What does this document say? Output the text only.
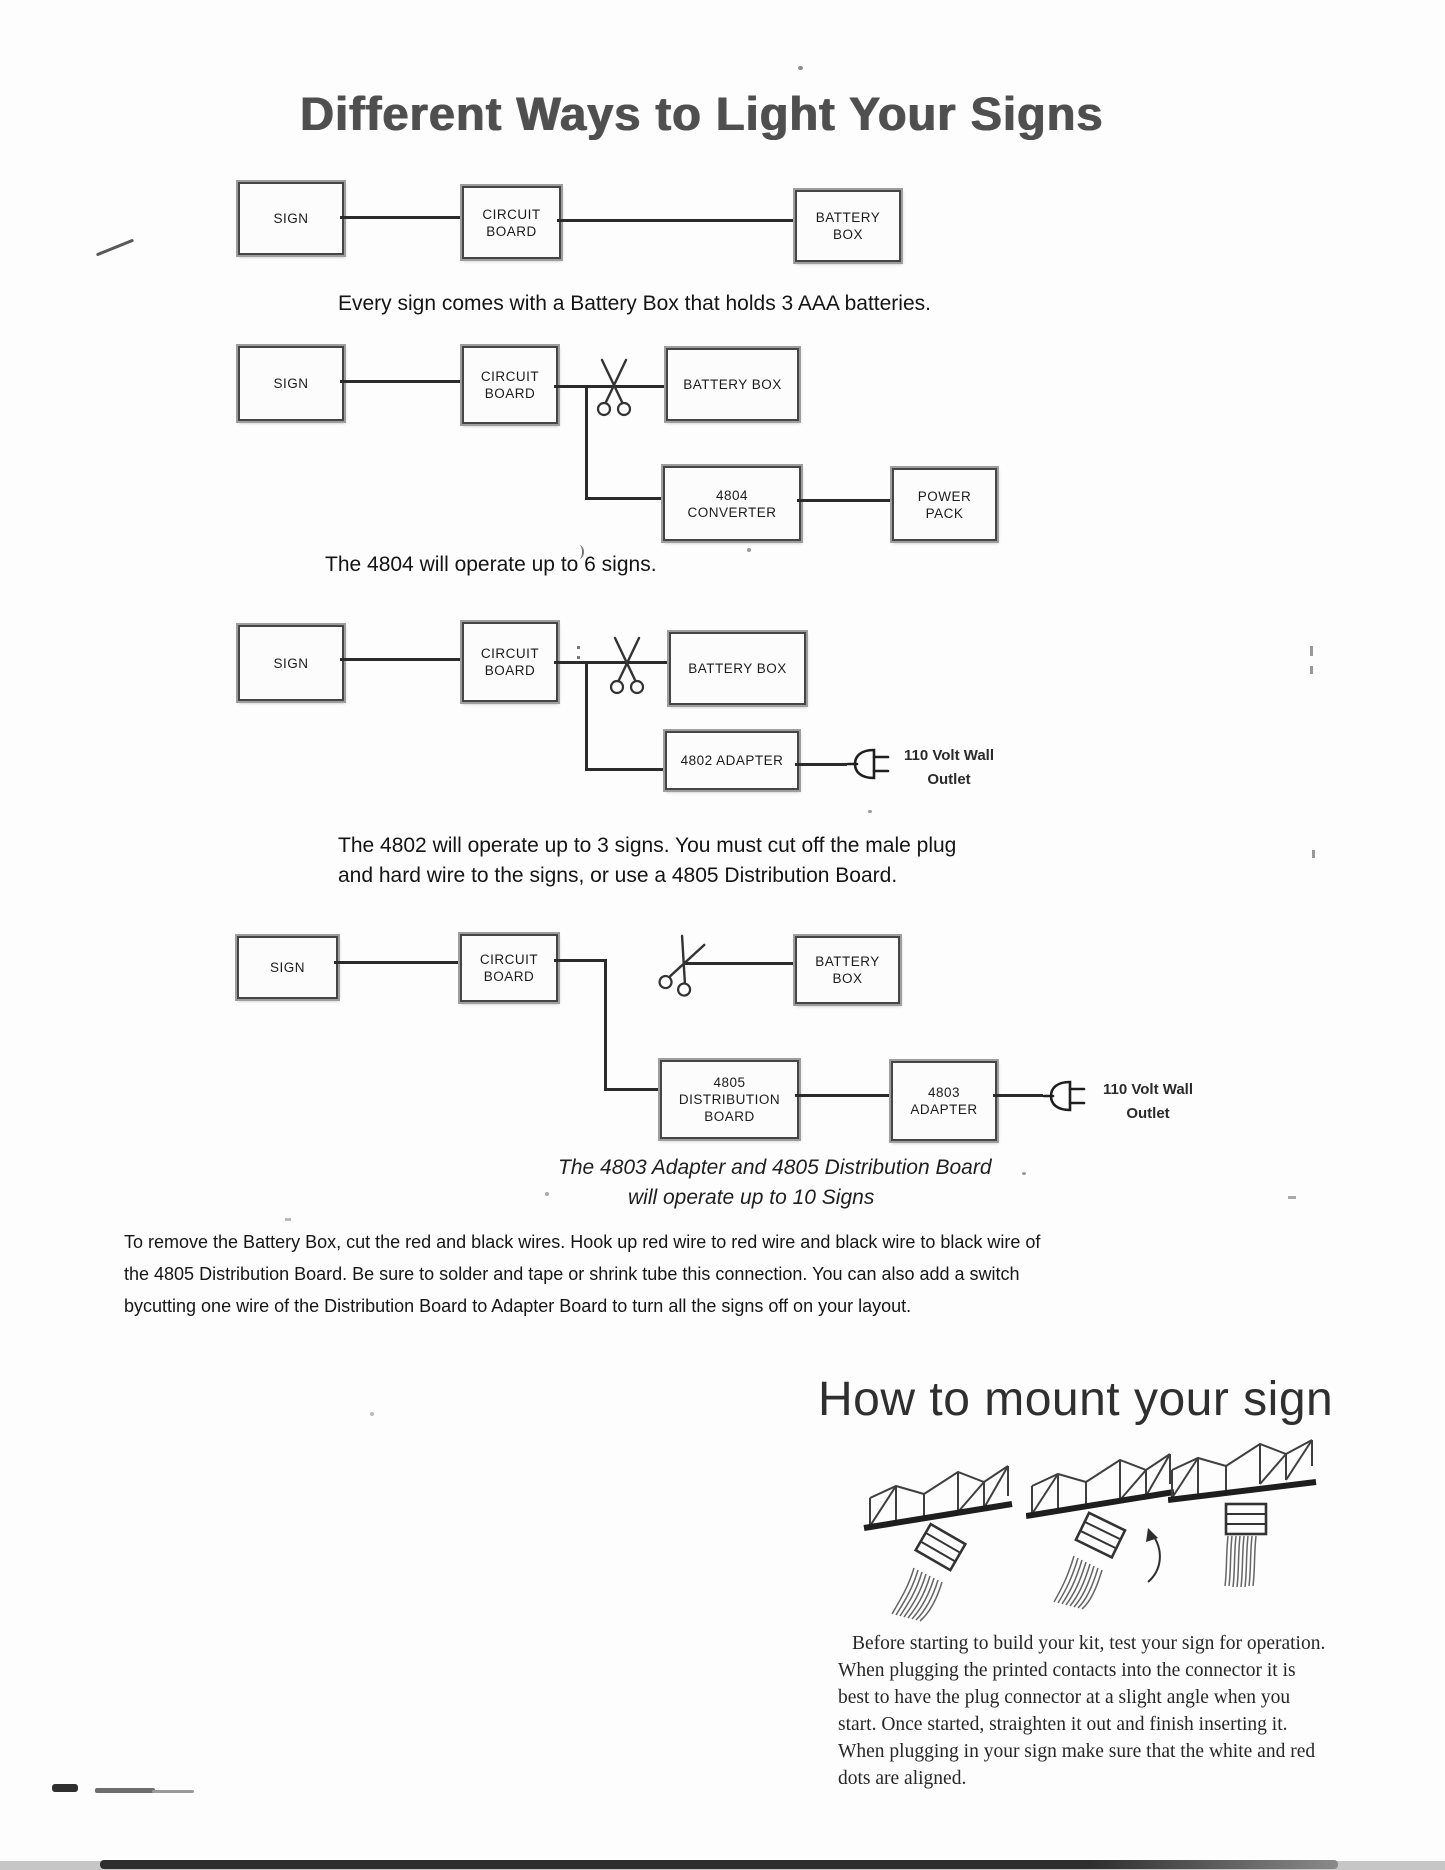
Different Ways to Light Your Signs
SIGN	CIRCUIT
BOARD
BATTERY
BOX
Every sign comes with a Battery Box that holds 3 AAA batteries.
SIGN	CIRCUIT
BOARD
BATTERY BOX
4804
CONVERTER
POWER
PACK
The 4804 will operate up to 6 signs.
SIGN
CIRCUIT
BOARD	BATTERY BOX
4802 ADAPTER	110 Volt Wall
Outlet
The 4802 will operate up to 3 signs. You must cut off the male plug
and hard wire to the signs, or use a 4805 Distribution Board.
SIGN
CIRCUIT
BOARD
BATTERY
BOX
4805
DISTRIBUTION
BOARD
4803
ADAPTER
110 Volt Wall
Outlet
The 4803 Adapter and 4805 Distribution Board
will operate up to 10 Signs
To remove the Battery Box, cut the red and black wires. Hook up red wire to red wire and black wire to black wire of
the 4805 Distribution Board. Be sure to solder and tape or shrink tube this connection. You can also add a switch
bycutting one wire of the Distribution Board to Adapter Board to turn all the signs off on your layout.
How to mount your sign
Before starting to build your kit, test your sign for operation.
When plugging the printed contacts into the connector it is
best to have the plug connector at a slight angle when you
start. Once started, straighten it out and finish inserting it.
When plugging in your sign make sure that the white and red
dots are aligned.
